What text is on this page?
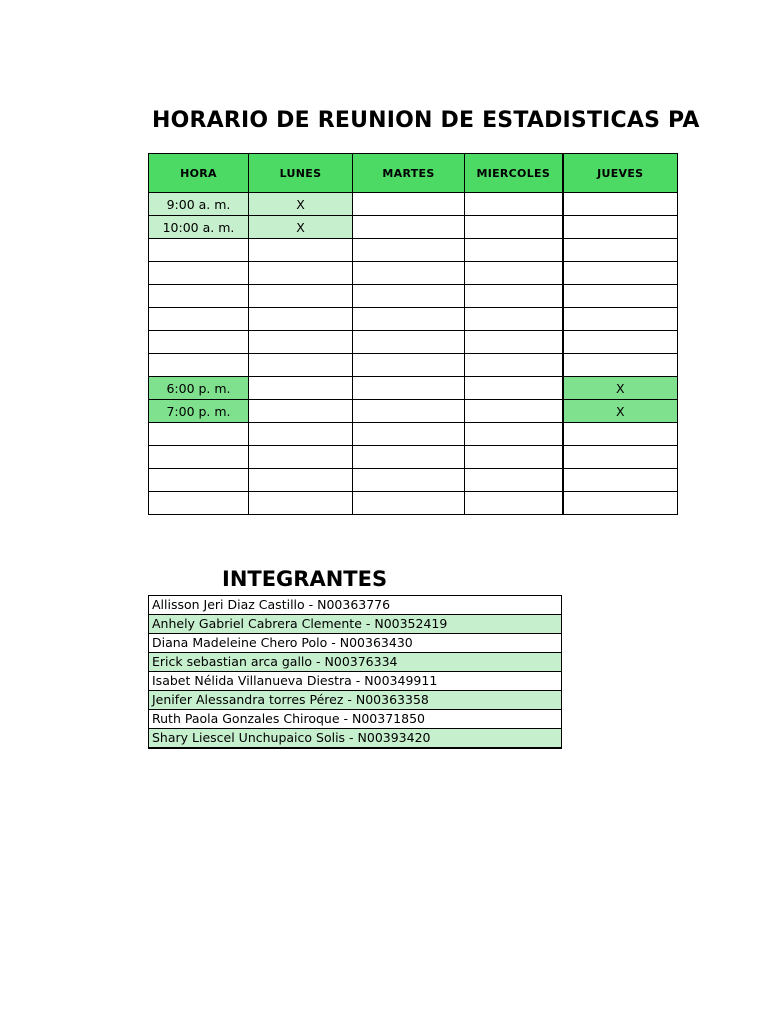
HORARIO DE REUNION DE ESTADISTICAS PA
HORA	LUNES	MARTES	MIERCOLES	JUEVES
9:00 a. m.	X			
10:00 a. m.	X			

6:00 p. m.				X
7:00 p. m.				X

INTEGRANTES
Allisson Jeri Diaz Castillo - N00363776
Anhely Gabriel Cabrera Clemente - N00352419
Diana Madeleine Chero Polo - N00363430
Erick sebastian arca gallo - N00376334
Isabet Nélida Villanueva Diestra - N00349911
Jenifer Alessandra torres Pérez - N00363358
Ruth Paola Gonzales Chiroque - N00371850
Shary Liescel Unchupaico Solis - N00393420
